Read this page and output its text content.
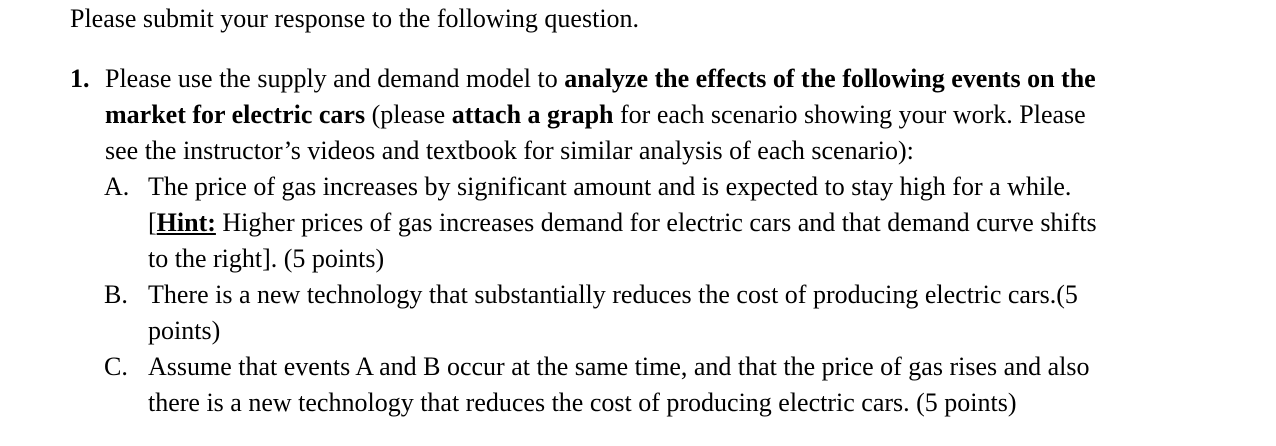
Please submit your response to the following question.

1. Please use the supply and demand model to analyze the effects of the following events on the
market for electric cars (please attach a graph for each scenario showing your work. Please
see the instructor’s videos and textbook for similar analysis of each scenario):
A. The price of gas increases by significant amount and is expected to stay high for a while.
[Hint: Higher prices of gas increases demand for electric cars and that demand curve shifts
to the right]. (5 points)
B. There is a new technology that substantially reduces the cost of producing electric cars.(5
points)
C. Assume that events A and B occur at the same time, and that the price of gas rises and also
there is a new technology that reduces the cost of producing electric cars. (5 points)
